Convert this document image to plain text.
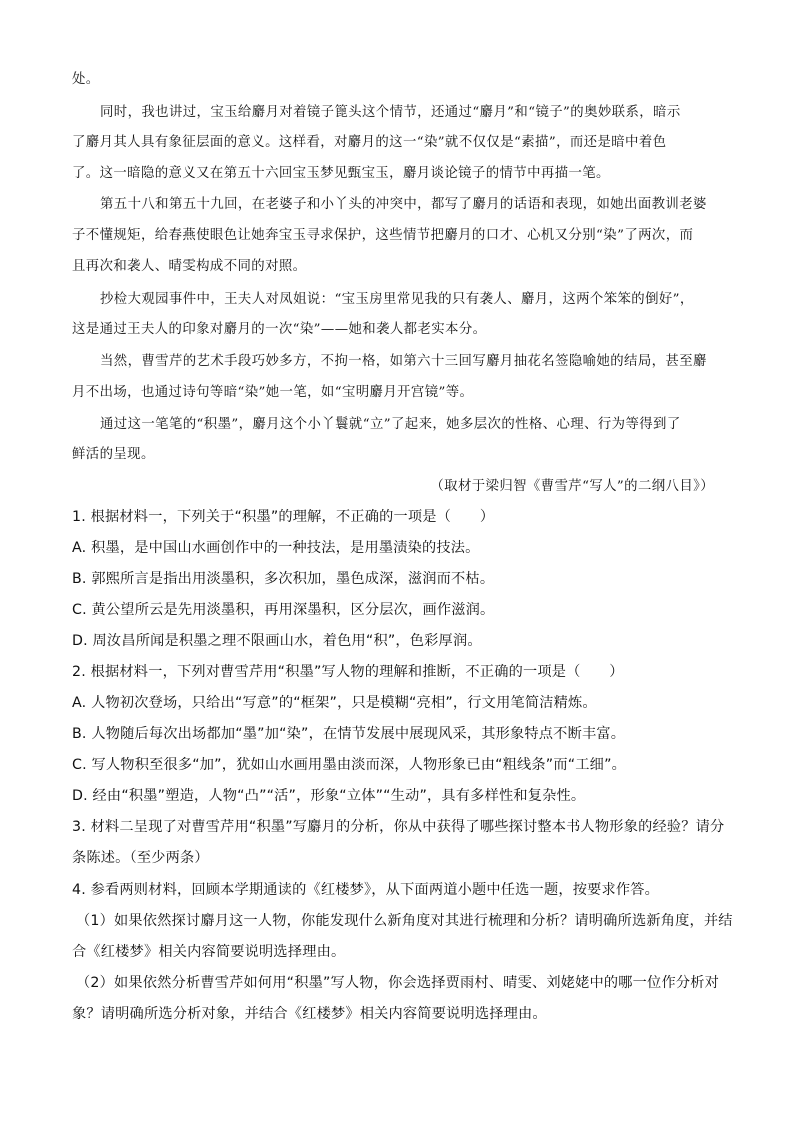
处。
同时，我也讲过，宝玉给麝月对着镜子篦头这个情节，还通过“麝月”和“镜子”的奥妙联系，暗示
了麝月其人具有象征层面的意义。这样看，对麝月的这一“染”就不仅仅是“素描”，而还是暗中着色
了。这一暗隐的意义又在第五十六回宝玉梦见甄宝玉，麝月谈论镜子的情节中再描一笔。
第五十八和第五十九回，在老婆子和小丫头的冲突中，都写了麝月的话语和表现，如她出面教训老婆
子不懂规矩，给春燕使眼色让她奔宝玉寻求保护，这些情节把麝月的口才、心机又分别“染”了两次，而
且再次和袭人、晴雯构成不同的对照。
抄检大观园事件中，王夫人对凤姐说：“宝玉房里常见我的只有袭人、麝月，这两个笨笨的倒好”，
这是通过王夫人的印象对麝月的一次“染”——她和袭人都老实本分。
当然，曹雪芹的艺术手段巧妙多方，不拘一格，如第六十三回写麝月抽花名签隐喻她的结局，甚至麝
月不出场，也通过诗句等暗“染”她一笔，如“宝明麝月开宫镜”等。
通过这一笔笔的“积墨”，麝月这个小丫鬟就“立”了起来，她多层次的性格、心理、行为等得到了
鲜活的呈现。
（取材于梁归智《曹雪芹“写人”的二纲八目》）
1. 根据材料一，下列关于“积墨”的理解，不正确的一项是（　　）
A. 积墨，是中国山水画创作中的一种技法，是用墨渍染的技法。
B. 郭熙所言是指出用淡墨积，多次积加，墨色成深，滋润而不枯。
C. 黄公望所云是先用淡墨积，再用深墨积，区分层次，画作滋润。
D. 周汝昌所闻是积墨之理不限画山水，着色用“积”，色彩厚润。
2. 根据材料一，下列对曹雪芹用“积墨”写人物的理解和推断，不正确的一项是（　　）
A. 人物初次登场，只给出“写意”的“框架”，只是模糊“亮相”，行文用笔简洁精炼。
B. 人物随后每次出场都加“墨”加“染”，在情节发展中展现风采，其形象特点不断丰富。
C. 写人物积至很多“加”，犹如山水画用墨由淡而深，人物形象已由“粗线条”而“工细”。
D. 经由“积墨”塑造，人物“凸”“活”，形象“立体”“生动”，具有多样性和复杂性。
3. 材料二呈现了对曹雪芹用“积墨”写麝月的分析，你从中获得了哪些探讨整本书人物形象的经验？请分
条陈述。（至少两条）
4. 参看两则材料，回顾本学期通读的《红楼梦》，从下面两道小题中任选一题，按要求作答。
（1）如果依然探讨麝月这一人物，你能发现什么新角度对其进行梳理和分析？请明确所选新角度，并结
合《红楼梦》相关内容简要说明选择理由。
（2）如果依然分析曹雪芹如何用“积墨”写人物，你会选择贾雨村、晴雯、刘姥姥中的哪一位作分析对
象？请明确所选分析对象，并结合《红楼梦》相关内容简要说明选择理由。
